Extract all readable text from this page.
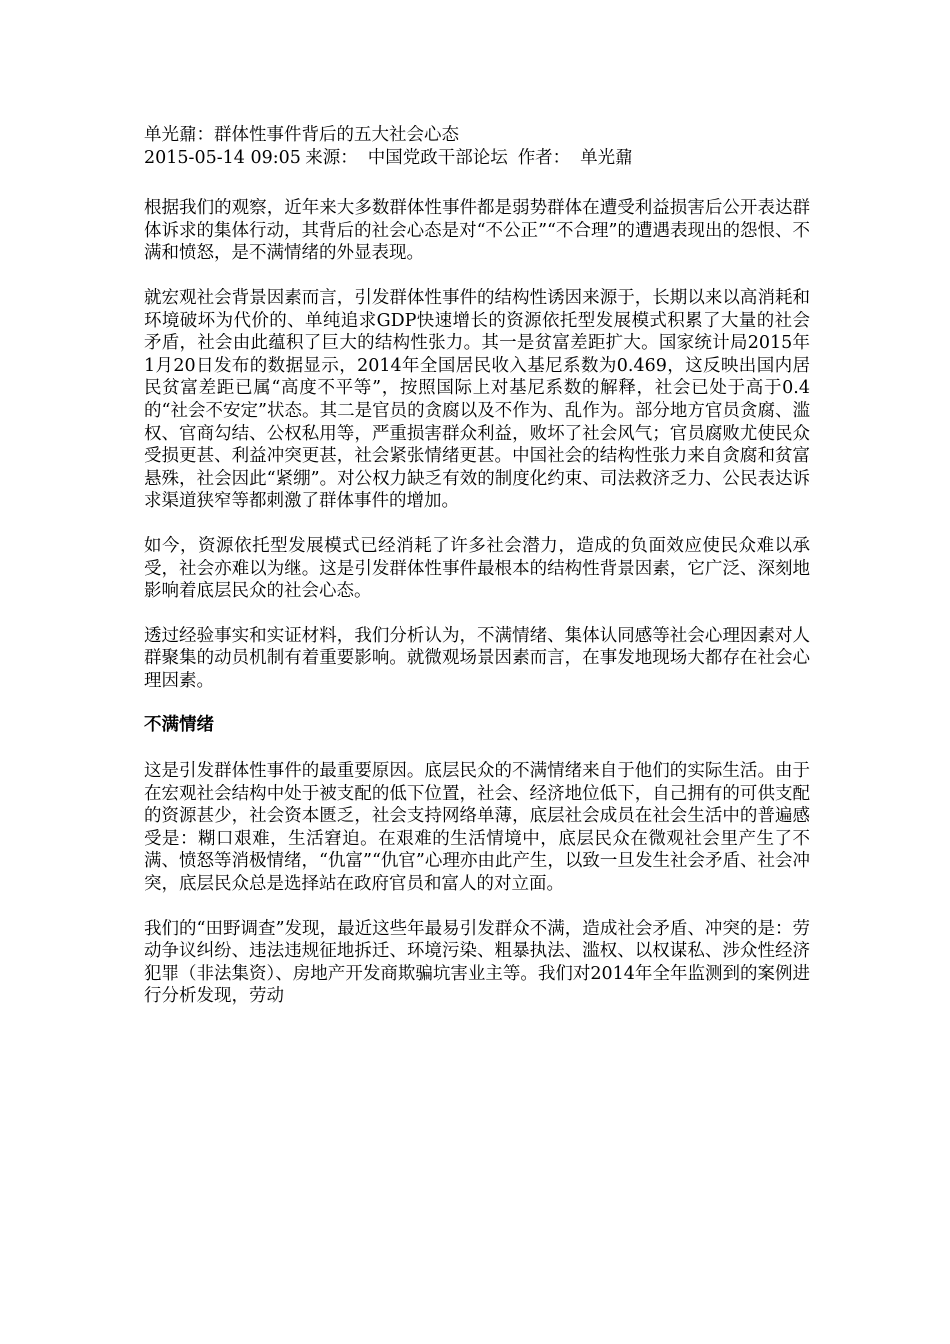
单光鼐：群体性事件背后的五大社会心态

2015-05-14 09:05 来源： 中国党政干部论坛 作者： 单光鼐

根据我们的观察，近年来大多数群体性事件都是弱势群体在遭受利益损害后公开表达群体诉求的集体行动，其背后的社会心态是对“不公正”“不合理”的遭遇表现出的怨恨、不满和愤怒，是不满情绪的外显表现。

就宏观社会背景因素而言，引发群体性事件的结构性诱因来源于，长期以来以高消耗和环境破坏为代价的、单纯追求GDP快速增长的资源依托型发展模式积累了大量的社会矛盾，社会由此蕴积了巨大的结构性张力。其一是贫富差距扩大。国家统计局2015年1月20日发布的数据显示，2014年全国居民收入基尼系数为0.469，这反映出国内居民贫富差距已属“高度不平等”，按照国际上对基尼系数的解释，社会已处于高于0.4的“社会不安定”状态。其二是官员的贪腐以及不作为、乱作为。部分地方官员贪腐、滥权、官商勾结、公权私用等，严重损害群众利益，败坏了社会风气；官员腐败尤使民众受损更甚、利益冲突更甚，社会紧张情绪更甚。中国社会的结构性张力来自贪腐和贫富悬殊，社会因此“紧绷”。对公权力缺乏有效的制度化约束、司法救济乏力、公民表达诉求渠道狭窄等都刺激了群体事件的增加。

如今，资源依托型发展模式已经消耗了许多社会潜力，造成的负面效应使民众难以承受，社会亦难以为继。这是引发群体性事件最根本的结构性背景因素，它广泛、深刻地影响着底层民众的社会心态。

透过经验事实和实证材料，我们分析认为，不满情绪、集体认同感等社会心理因素对人群聚集的动员机制有着重要影响。就微观场景因素而言，在事发地现场大都存在社会心理因素。

不满情绪

这是引发群体性事件的最重要原因。底层民众的不满情绪来自于他们的实际生活。由于在宏观社会结构中处于被支配的低下位置，社会、经济地位低下，自己拥有的可供支配的资源甚少，社会资本匮乏，社会支持网络单薄，底层社会成员在社会生活中的普遍感受是：糊口艰难，生活窘迫。在艰难的生活情境中，底层民众在微观社会里产生了不满、愤怒等消极情绪，“仇富”“仇官”心理亦由此产生，以致一旦发生社会矛盾、社会冲突，底层民众总是选择站在政府官员和富人的对立面。

我们的“田野调查”发现，最近这些年最易引发群众不满，造成社会矛盾、冲突的是：劳动争议纠纷、违法违规征地拆迁、环境污染、粗暴执法、滥权、以权谋私、涉众性经济犯罪（非法集资）、房地产开发商欺骗坑害业主等。我们对2014年全年监测到的案例进行分析发现，劳动
